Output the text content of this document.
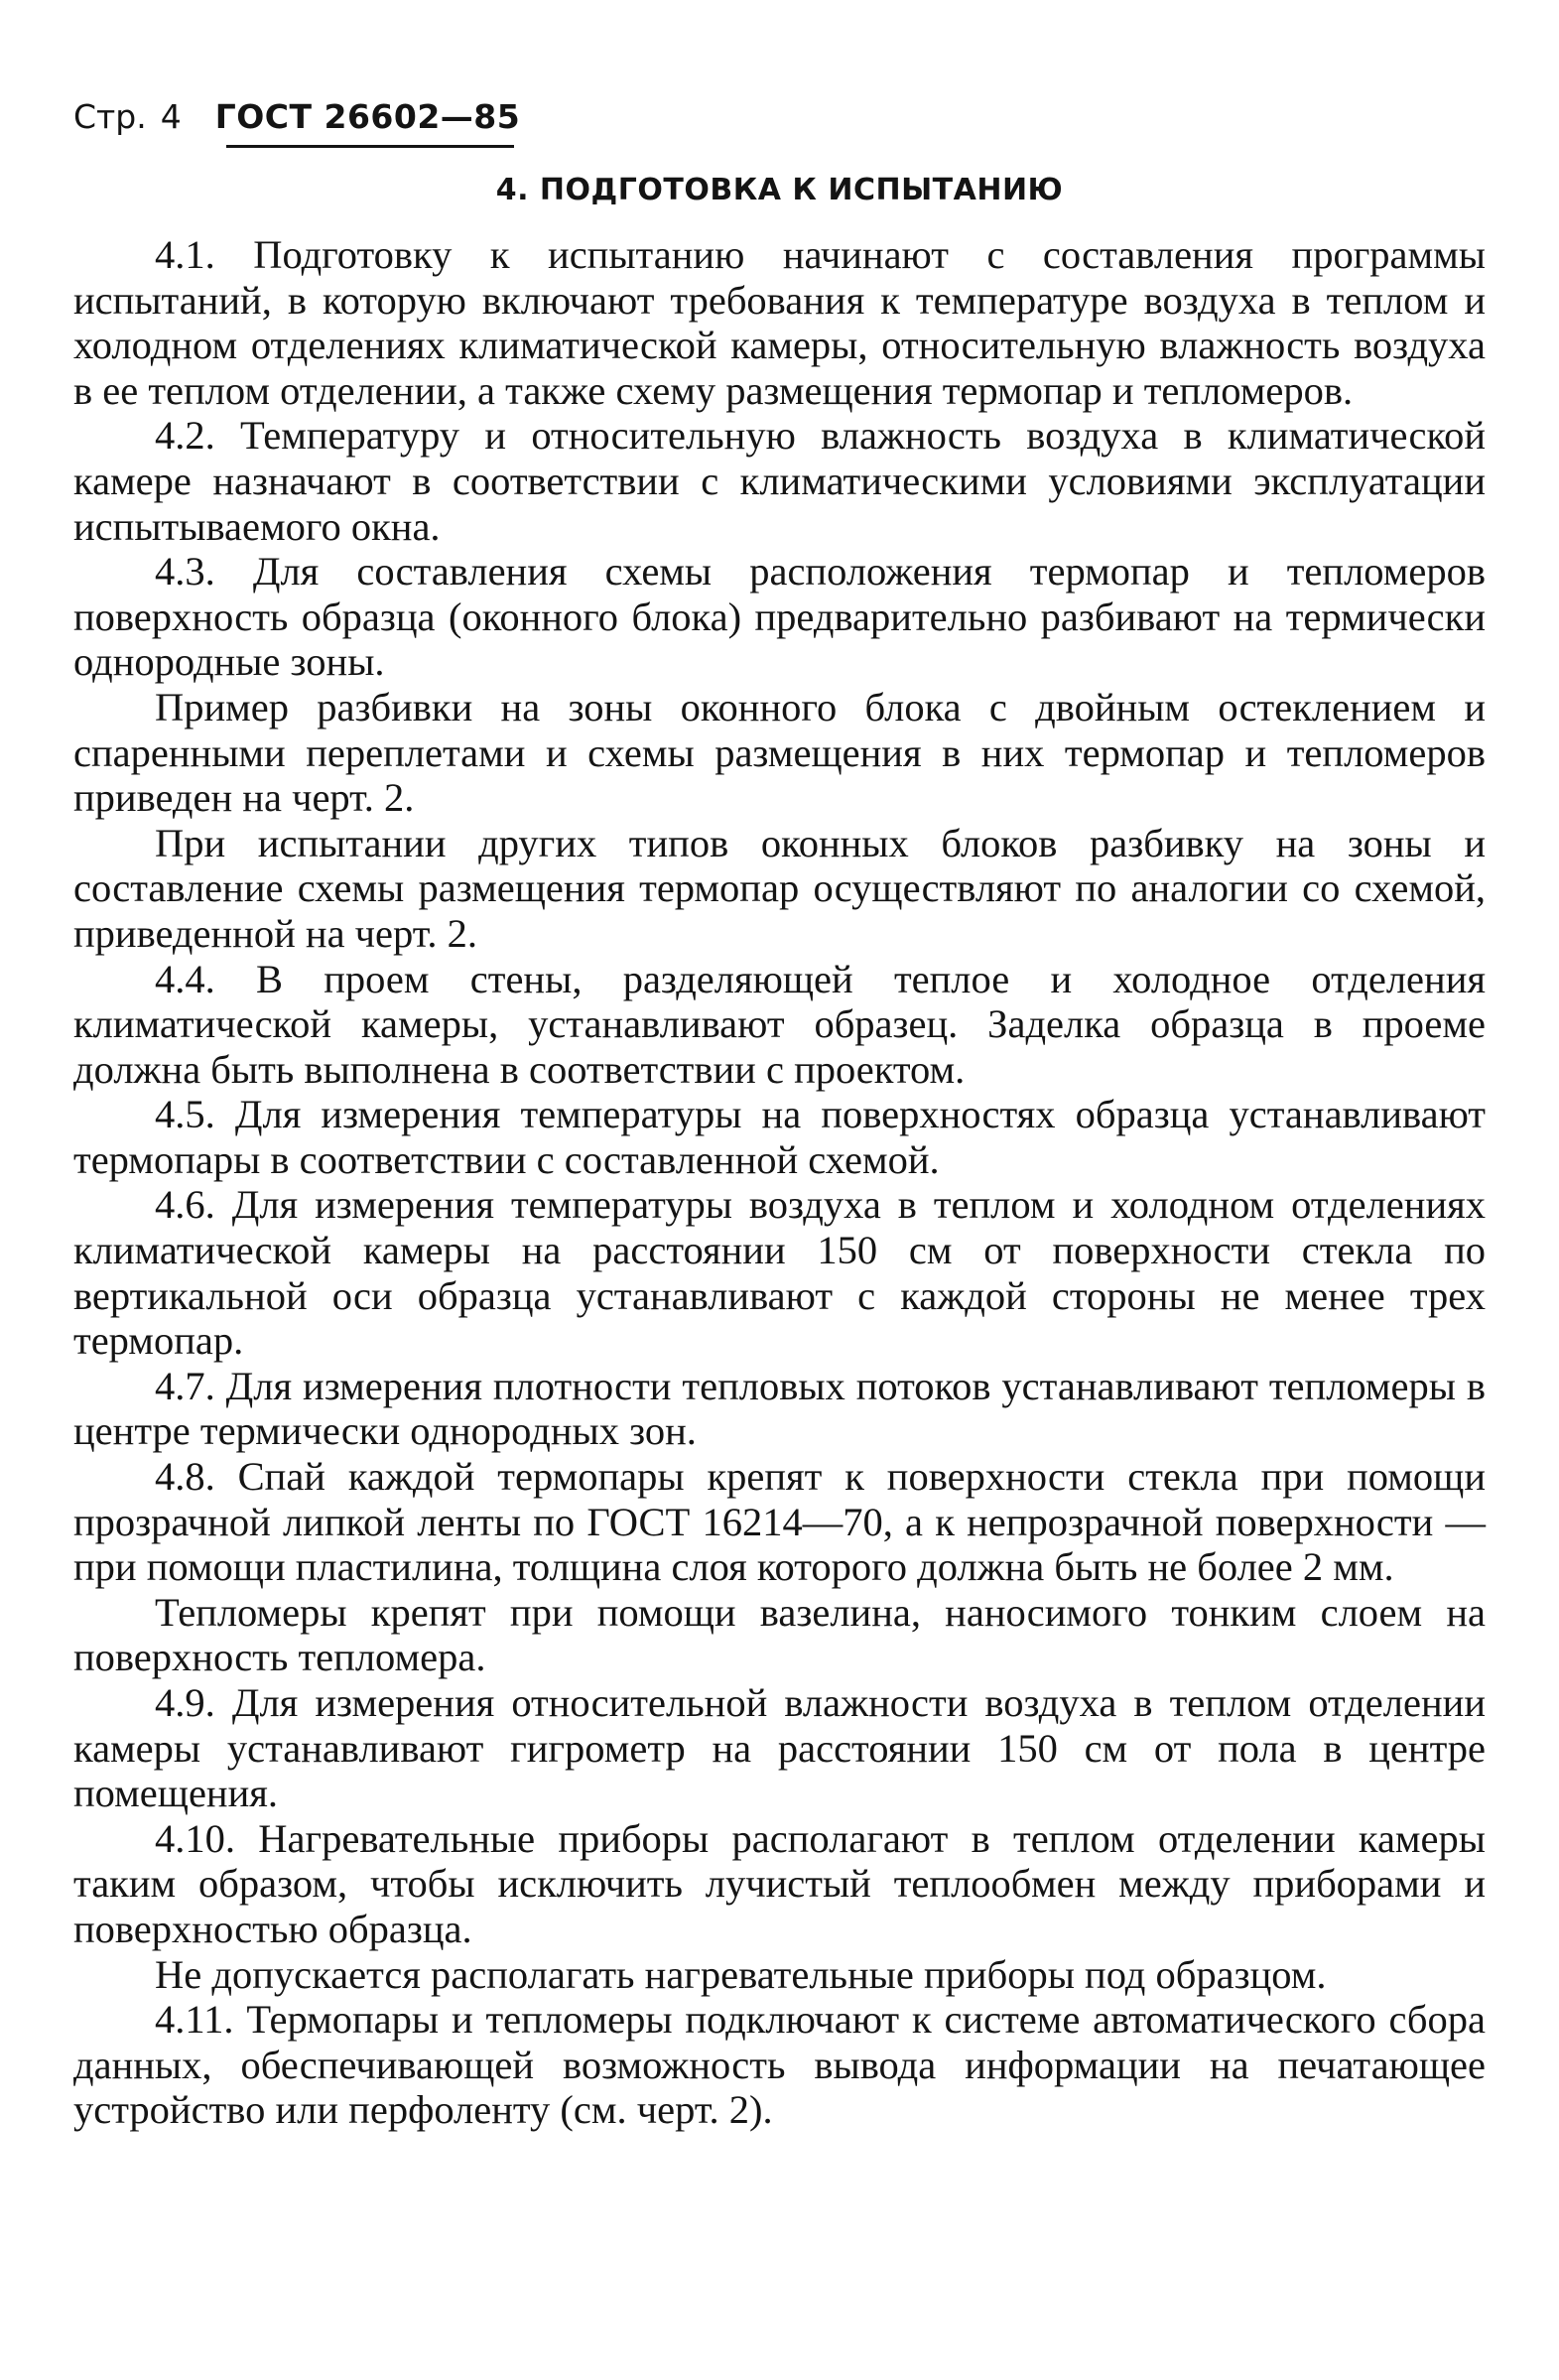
Стр. 4 ГОСТ 26602—85
4. ПОДГОТОВКА К ИСПЫТАНИЮ

4.1. Подготовку к испытанию начинают с составления программы испытаний, в которую включают требования к температуре воздуха в теплом и холодном отделениях климатической камеры, относительную влажность воздуха в ее теплом отделении, а также схему размещения термопар и тепломеров.

4.2. Температуру и относительную влажность воздуха в климатической камере назначают в соответствии с климатическими условиями эксплуатации испытываемого окна.

4.3. Для составления схемы расположения термопар и тепломеров поверхность образца (оконного блока) предварительно разбивают на термически однородные зоны.

Пример разбивки на зоны оконного блока с двойным остеклением и спаренными переплетами и схемы размещения в них термопар и тепломеров приведен на черт. 2.

При испытании других типов оконных блоков разбивку на зоны и составление схемы размещения термопар осуществляют по аналогии со схемой, приведенной на черт. 2.

4.4. В проем стены, разделяющей теплое и холодное отделения климатической камеры, устанавливают образец. Заделка образца в проеме должна быть выполнена в соответствии с проектом.

4.5. Для измерения температуры на поверхностях образца устанавливают термопары в соответствии с составленной схемой.

4.6. Для измерения температуры воздуха в теплом и холодном отделениях климатической камеры на расстоянии 150 см от поверхности стекла по вертикальной оси образца устанавливают с каждой стороны не менее трех термопар.

4.7. Для измерения плотности тепловых потоков устанавливают тепломеры в центре термически однородных зон.

4.8. Спай каждой термопары крепят к поверхности стекла при помощи прозрачной липкой ленты по ГОСТ 16214—70, а к непрозрачной поверхности — при помощи пластилина, толщина слоя которого должна быть не более 2 мм.

Тепломеры крепят при помощи вазелина, наносимого тонким слоем на поверхность тепломера.

4.9. Для измерения относительной влажности воздуха в теплом отделении камеры устанавливают гигрометр на расстоянии 150 см от пола в центре помещения.

4.10. Нагревательные приборы располагают в теплом отделении камеры таким образом, чтобы исключить лучистый теплообмен между приборами и поверхностью образца.

Не допускается располагать нагревательные приборы под образцом.

4.11. Термопары и тепломеры подключают к системе автоматического сбора данных, обеспечивающей возможность вывода информации на печатающее устройство или перфоленту (см. черт. 2).
